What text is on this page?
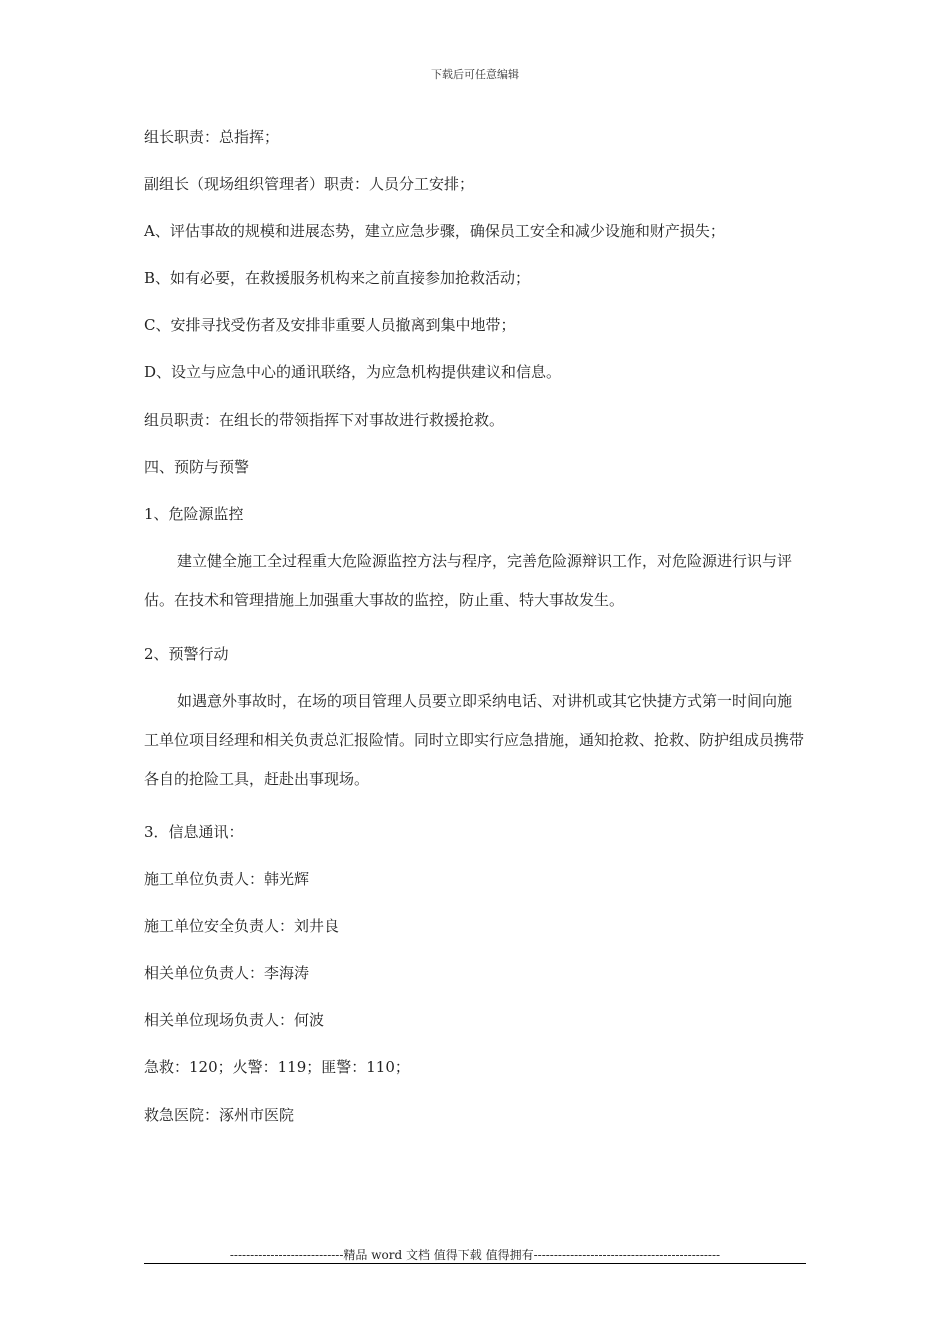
下载后可任意编辑
组长职责：总指挥；
副组长（现场组织管理者）职责：人员分工安排；
A、评估事故的规模和进展态势，建立应急步骤，确保员工安全和减少设施和财产损失；
B、如有必要，在救援服务机构来之前直接参加抢救活动；
C、安排寻找受伤者及安排非重要人员撤离到集中地带；
D、设立与应急中心的通讯联络，为应急机构提供建议和信息。
组员职责：在组长的带领指挥下对事故进行救援抢救。
四、预防与预警
1、危险源监控
建立健全施工全过程重大危险源监控方法与程序，完善危险源辩识工作，对危险源进行识与评估。在技术和管理措施上加强重大事故的监控，防止重、特大事故发生。
2、预警行动
如遇意外事故时，在场的项目管理人员要立即采纳电话、对讲机或其它快捷方式第一时间向施工单位项目经理和相关负责总汇报险情。同时立即实行应急措施，通知抢救、抢救、防护组成员携带各自的抢险工具，赶赴出事现场。
3．信息通讯：
施工单位负责人：韩光辉
施工单位安全负责人：刘井良
相关单位负责人：李海涛
相关单位现场负责人：何波
急救：120；火警：119；匪警：110；
救急医院：涿州市医院
----------------------------精品 word 文档 值得下载 值得拥有----------------------------------------------
